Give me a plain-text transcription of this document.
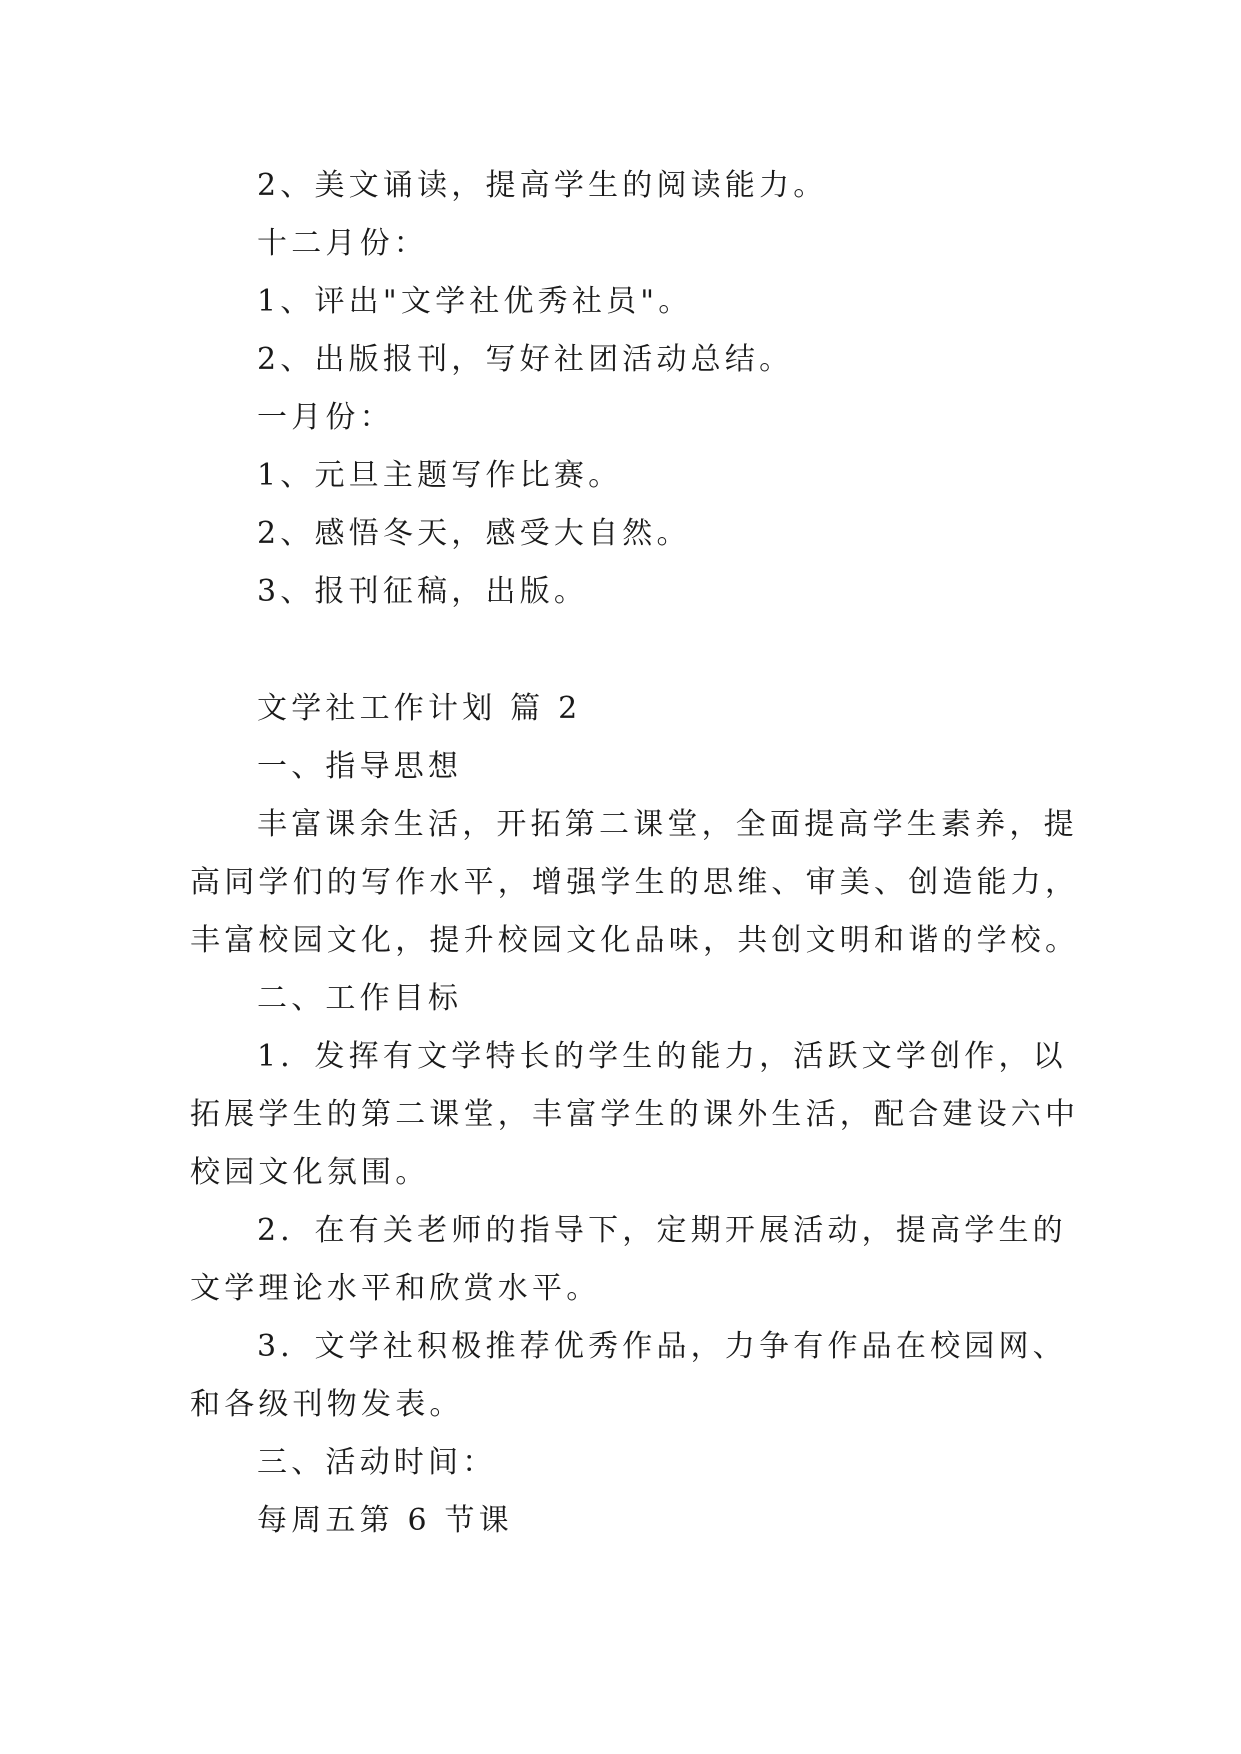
2、美文诵读，提高学生的阅读能力。

十二月份：

1、评出"文学社优秀社员"。

2、出版报刊，写好社团活动总结。

一月份：

1、元旦主题写作比赛。

2、感悟冬天，感受大自然。

3、报刊征稿，出版。

文学社工作计划 篇 2

一、指导思想

丰富课余生活，开拓第二课堂，全面提高学生素养，提

高同学们的写作水平，增强学生的思维、审美、创造能力，

丰富校园文化，提升校园文化品味，共创文明和谐的学校。

二、工作目标

1．发挥有文学特长的学生的能力，活跃文学创作，以

拓展学生的第二课堂，丰富学生的课外生活，配合建设六中

校园文化氛围。

2．在有关老师的指导下，定期开展活动，提高学生的

文学理论水平和欣赏水平。

3．文学社积极推荐优秀作品，力争有作品在校园网、

和各级刊物发表。

三、活动时间：

每周五第 6 节课
